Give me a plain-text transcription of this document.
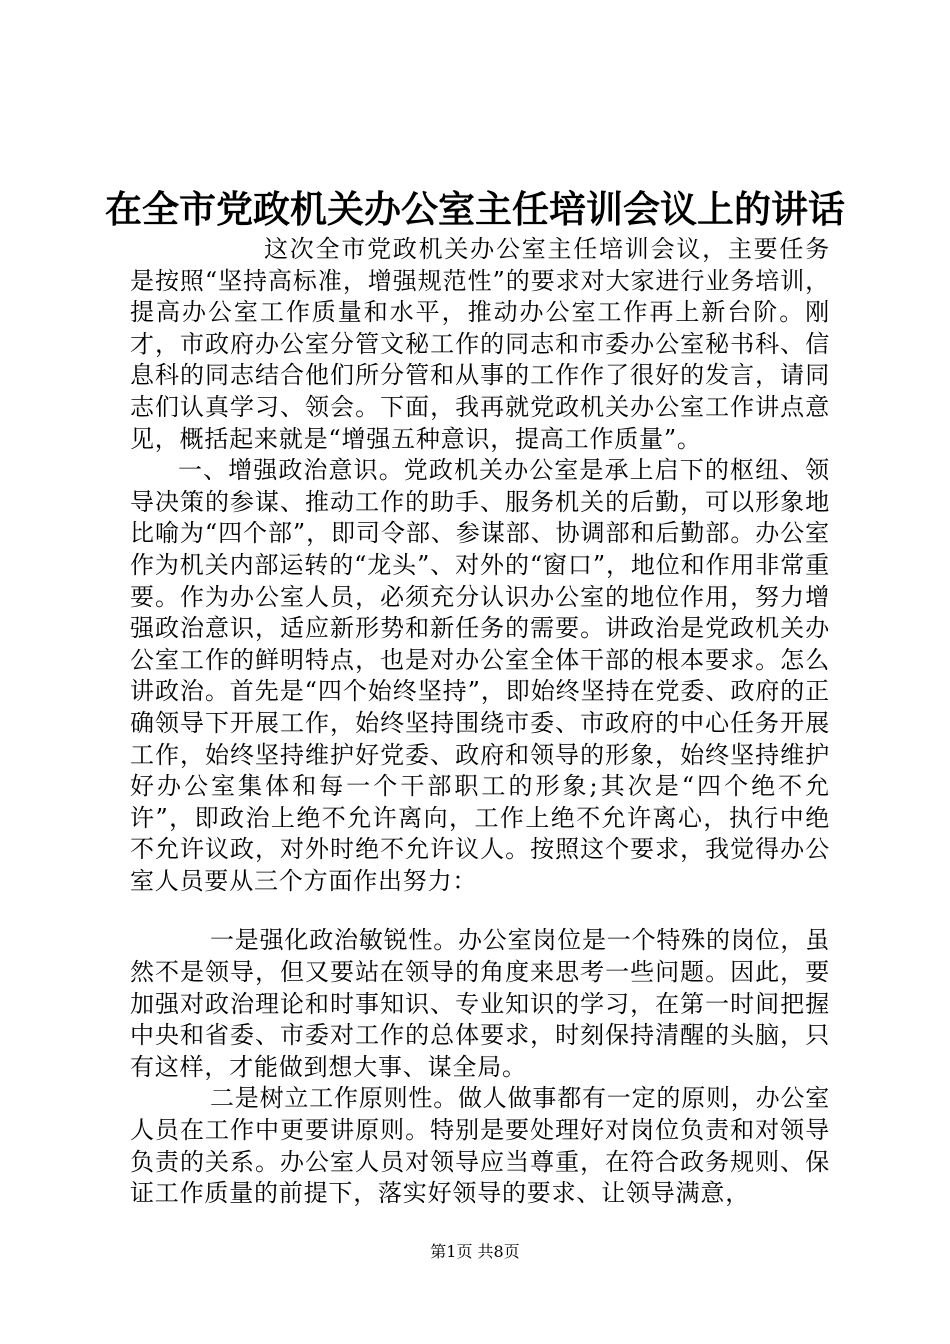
在全市党政机关办公室主任培训会议上的讲话

这次全市党政机关办公室主任培训会议，主要任务是按照“坚持高标准，增强规范性”的要求对大家进行业务培训，提高办公室工作质量和水平，推动办公室工作再上新台阶。刚才，市政府办公室分管文秘工作的同志和市委办公室秘书科、信息科的同志结合他们所分管和从事的工作作了很好的发言，请同志们认真学习、领会。下面，我再就党政机关办公室工作讲点意见，概括起来就是“增强五种意识，提高工作质量”。

一、增强政治意识。党政机关办公室是承上启下的枢纽、领导决策的参谋、推动工作的助手、服务机关的后勤，可以形象地比喻为“四个部”，即司令部、参谋部、协调部和后勤部。办公室作为机关内部运转的“龙头”、对外的“窗口”，地位和作用非常重要。作为办公室人员，必须充分认识办公室的地位作用，努力增强政治意识，适应新形势和新任务的需要。讲政治是党政机关办公室工作的鲜明特点，也是对办公室全体干部的根本要求。怎么讲政治。首先是“四个始终坚持”，即始终坚持在党委、政府的正确领导下开展工作，始终坚持围绕市委、市政府的中心任务开展工作，始终坚持维护好党委、政府和领导的形象，始终坚持维护好办公室集体和每一个干部职工的形象;其次是“四个绝不允许”，即政治上绝不允许离向，工作上绝不允许离心，执行中绝不允许议政，对外时绝不允许议人。按照这个要求，我觉得办公室人员要从三个方面作出努力：

一是强化政治敏锐性。办公室岗位是一个特殊的岗位，虽然不是领导，但又要站在领导的角度来思考一些问题。因此，要加强对政治理论和时事知识、专业知识的学习，在第一时间把握中央和省委、市委对工作的总体要求，时刻保持清醒的头脑，只有这样，才能做到想大事、谋全局。

二是树立工作原则性。做人做事都有一定的原则，办公室人员在工作中更要讲原则。特别是要处理好对岗位负责和对领导负责的关系。办公室人员对领导应当尊重，在符合政务规则、保证工作质量的前提下，落实好领导的要求、让领导满意，

第1页 共8页
